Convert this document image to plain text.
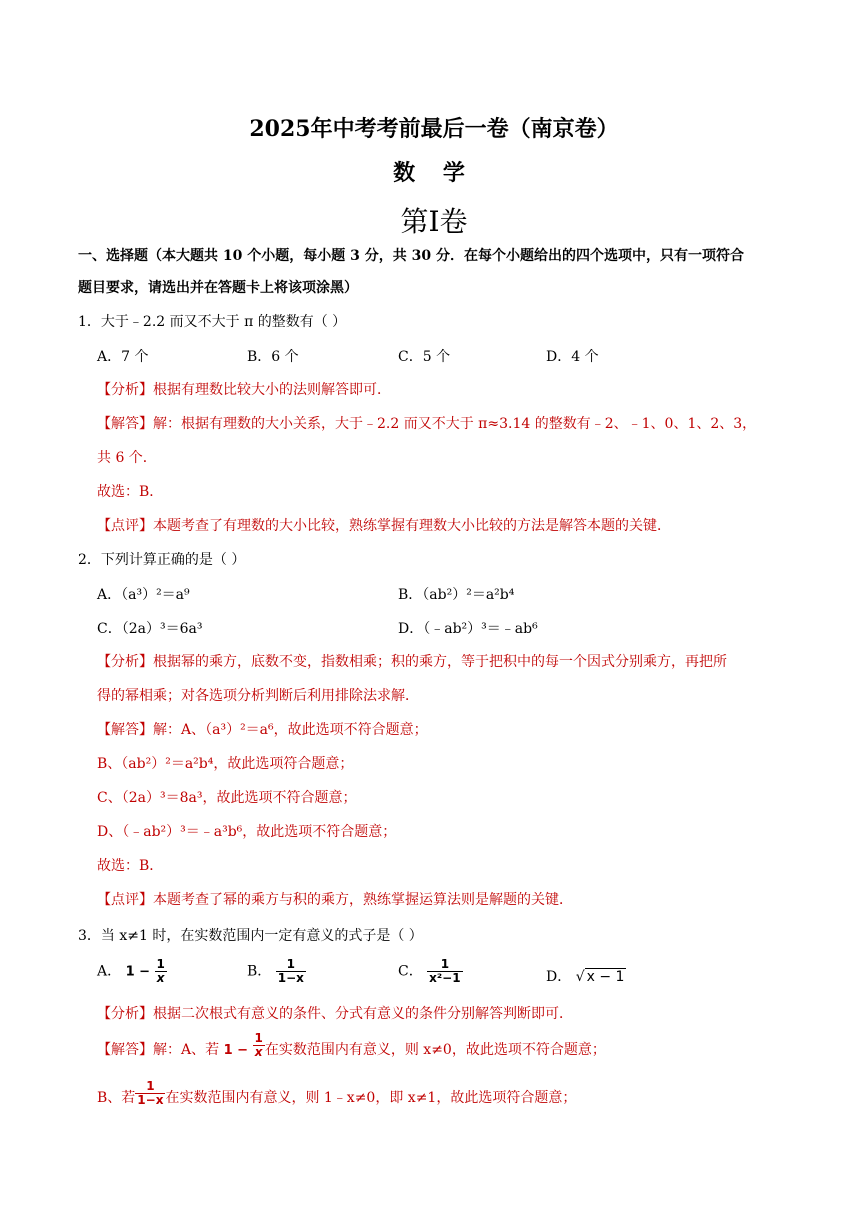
2025年中考考前最后一卷（南京卷）
数 学
第I卷
一、选择题（本大题共 10 个小题，每小题 3 分，共 30 分．在每个小题给出的四个选项中，只有一项符合
题目要求，请选出并在答题卡上将该项涂黑）
1．大于﹣2.2 而又不大于 π 的整数有（ ）
A．7 个	B．6 个	C．5 个	D．4 个
【分析】根据有理数比较大小的法则解答即可．
【解答】解：根据有理数的大小关系，大于﹣2.2 而又不大于 π≈3.14 的整数有﹣2、﹣1、0、1、2、3，
共 6 个．
故选：B．
【点评】本题考查了有理数的大小比较，熟练掌握有理数大小比较的方法是解答本题的关键．
2．下列计算正确的是（ ）
A．（a³）²＝a⁹	B．（ab²）²＝a²b⁴
C．（2a）³＝6a³	D．（﹣ab²）³＝﹣ab⁶
【分析】根据幂的乘方，底数不变，指数相乘；积的乘方，等于把积中的每一个因式分别乘方，再把所
得的幂相乘；对各选项分析判断后利用排除法求解．
【解答】解：A、（a³）²＝a⁶，故此选项不符合题意；
B、（ab²）²＝a²b⁴，故此选项符合题意；
C、（2a）³＝8a³，故此选项不符合题意；
D、（﹣ab²）³＝﹣a³b⁶，故此选项不符合题意；
故选：B．
【点评】本题考查了幂的乘方与积的乘方，熟练掌握运算法则是解题的关键．
3．当 x≠1 时，在实数范围内一定有意义的式子是（ ）
A． $1 - \frac{1}{x}$	B． $\frac{1}{1-x}$	C． $\frac{1}{\text{x²−1}}$	D． √ x − 1
【分析】根据二次根式有意义的条件、分式有意义的条件分别解答判断即可．
【解答】解：A、若 $1 - \frac{1}{x}$ 在实数范围内有意义，则 x≠0，故此选项不符合题意；
B、若 $\frac{1}{1-x}$ 在实数范围内有意义，则 1﹣x≠0，即 x≠1，故此选项符合题意；
